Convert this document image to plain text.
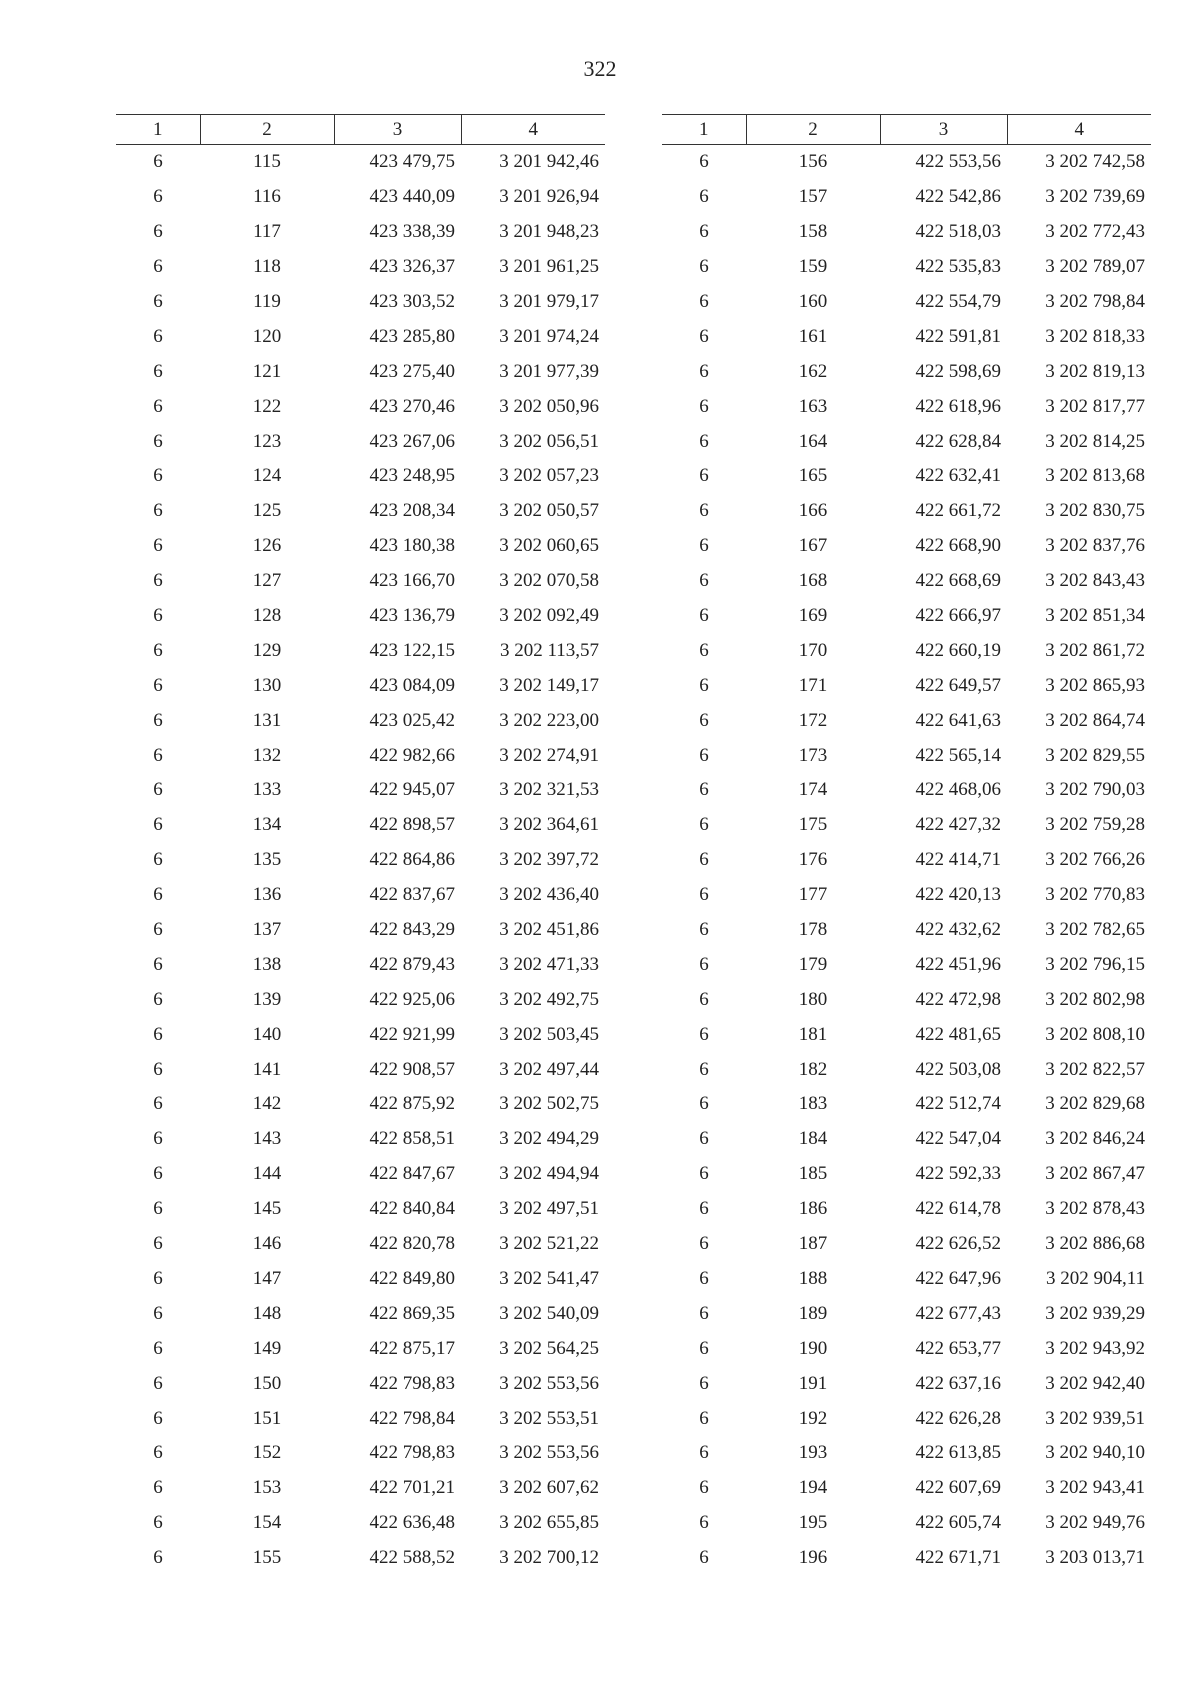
322
1	2	3	4
6	115	423 479,75	3 201 942,46
6	116	423 440,09	3 201 926,94
6	117	423 338,39	3 201 948,23
6	118	423 326,37	3 201 961,25
6	119	423 303,52	3 201 979,17
6	120	423 285,80	3 201 974,24
6	121	423 275,40	3 201 977,39
6	122	423 270,46	3 202 050,96
6	123	423 267,06	3 202 056,51
6	124	423 248,95	3 202 057,23
6	125	423 208,34	3 202 050,57
6	126	423 180,38	3 202 060,65
6	127	423 166,70	3 202 070,58
6	128	423 136,79	3 202 092,49
6	129	423 122,15	3 202 113,57
6	130	423 084,09	3 202 149,17
6	131	423 025,42	3 202 223,00
6	132	422 982,66	3 202 274,91
6	133	422 945,07	3 202 321,53
6	134	422 898,57	3 202 364,61
6	135	422 864,86	3 202 397,72
6	136	422 837,67	3 202 436,40
6	137	422 843,29	3 202 451,86
6	138	422 879,43	3 202 471,33
6	139	422 925,06	3 202 492,75
6	140	422 921,99	3 202 503,45
6	141	422 908,57	3 202 497,44
6	142	422 875,92	3 202 502,75
6	143	422 858,51	3 202 494,29
6	144	422 847,67	3 202 494,94
6	145	422 840,84	3 202 497,51
6	146	422 820,78	3 202 521,22
6	147	422 849,80	3 202 541,47
6	148	422 869,35	3 202 540,09
6	149	422 875,17	3 202 564,25
6	150	422 798,83	3 202 553,56
6	151	422 798,84	3 202 553,51
6	152	422 798,83	3 202 553,56
6	153	422 701,21	3 202 607,62
6	154	422 636,48	3 202 655,85
6	155	422 588,52	3 202 700,12
1	2	3	4
6	156	422 553,56	3 202 742,58
6	157	422 542,86	3 202 739,69
6	158	422 518,03	3 202 772,43
6	159	422 535,83	3 202 789,07
6	160	422 554,79	3 202 798,84
6	161	422 591,81	3 202 818,33
6	162	422 598,69	3 202 819,13
6	163	422 618,96	3 202 817,77
6	164	422 628,84	3 202 814,25
6	165	422 632,41	3 202 813,68
6	166	422 661,72	3 202 830,75
6	167	422 668,90	3 202 837,76
6	168	422 668,69	3 202 843,43
6	169	422 666,97	3 202 851,34
6	170	422 660,19	3 202 861,72
6	171	422 649,57	3 202 865,93
6	172	422 641,63	3 202 864,74
6	173	422 565,14	3 202 829,55
6	174	422 468,06	3 202 790,03
6	175	422 427,32	3 202 759,28
6	176	422 414,71	3 202 766,26
6	177	422 420,13	3 202 770,83
6	178	422 432,62	3 202 782,65
6	179	422 451,96	3 202 796,15
6	180	422 472,98	3 202 802,98
6	181	422 481,65	3 202 808,10
6	182	422 503,08	3 202 822,57
6	183	422 512,74	3 202 829,68
6	184	422 547,04	3 202 846,24
6	185	422 592,33	3 202 867,47
6	186	422 614,78	3 202 878,43
6	187	422 626,52	3 202 886,68
6	188	422 647,96	3 202 904,11
6	189	422 677,43	3 202 939,29
6	190	422 653,77	3 202 943,92
6	191	422 637,16	3 202 942,40
6	192	422 626,28	3 202 939,51
6	193	422 613,85	3 202 940,10
6	194	422 607,69	3 202 943,41
6	195	422 605,74	3 202 949,76
6	196	422 671,71	3 203 013,71
